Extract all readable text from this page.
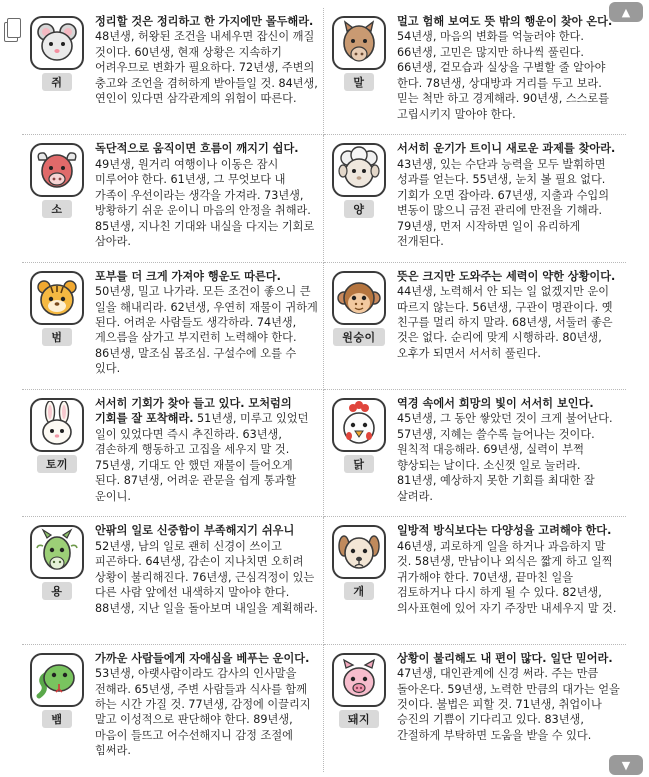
▲
▼
쥐
정리할 것은 정리하고 한 가지에만 몰두해라. 48년생, 허왕된 조건을 내세우면 잡신이 깨질 것이다. 60년생, 현재 상황은 지속하기 어려우므로 변화가 필요하다. 72년생, 주변의 충고와 조언을 겸허하게 받아들일 것. 84년생, 연인이 있다면 삼각관계의 위험이 따른다.
말
멀고 험해 보여도 뜻 밖의 행운이 찾아 온다. 54년생, 마음의 변화를 억눌러야 한다. 66년생, 고민은 많지만 하나씩 풀린다. 66년생, 겉모습과 실상을 구별할 줄 알아야 한다. 78년생, 상대방과 거리를 두고 보라. 믿는 척만 하고 경계해라. 90년생, 스스로를 고립시키지 말아야 한다.
소
독단적으로 움직이면 흐름이 깨지기 쉽다. 49년생, 원거리 여행이나 이동은 잠시 미루어야 한다. 61년생, 그 무엇보다 내 가족이 우선이라는 생각을 가져라. 73년생, 방황하기 쉬운 운이니 마음의 안정을 취해라. 85년생, 지나친 기대와 내실을 다지는 기회로 삼아라.
양
서서히 운기가 트이니 새로운 과제를 찾아라. 43년생, 있는 수단과 능력을 모두 발휘하면 성과를 얻는다. 55년생, 눈치 볼 필요 없다. 기회가 오면 잡아라. 67년생, 지출과 수입의 변동이 많으니 금전 관리에 만전을 기해라. 79년생, 먼저 시작하면 일이 유리하게 전개된다.
범
포부를 더 크게 가져야 행운도 따른다. 50년생, 밀고 나가라. 모든 조건이 좋으니 큰 일을 해내리라. 62년생, 우연히 재물이 귀하게 된다. 어려운 사람들도 생각하라. 74년생, 게으름을 삼가고 부지런히 노력해야 한다. 86년생, 말조심 몸조심. 구설수에 오를 수 있다.
원숭이
뜻은 크지만 도와주는 세력이 약한 상황이다. 44년생, 노력해서 안 되는 일 없겠지만 운이 따르지 않는다. 56년생, 구관이 명관이다. 옛 친구를 멀리 하지 말라. 68년생, 서둘러 좋은 것은 없다. 순리에 맞게 시행하라. 80년생, 오후가 되면서 서서히 풀린다.
토끼
서서히 기회가 찾아 들고 있다. 모처럼의 기회를 잘 포착해라. 51년생, 미루고 있었던 일이 있었다면 즉시 추진하라. 63년생, 겸손하게 행동하고 고집을 세우지 말 것. 75년생, 기대도 안 했던 재물이 들어오게 된다. 87년생, 어려운 관문을 쉽게 통과할 운이니.
닭
역경 속에서 희망의 빛이 서서히 보인다. 45년생, 그 동안 쌓았던 것이 크게 불어난다. 57년생, 지혜는 쓸수록 늘어나는 것이다. 원칙적 대응해라. 69년생, 실력이 부쩍 향상되는 날이다. 소신껏 일로 눌러라. 81년생, 예상하지 못한 기회를 최대한 잘 살려라.
용
안팎의 일로 신중함이 부족해지기 쉬우니 52년생, 남의 일로 괜히 신경이 쓰이고 피곤하다. 64년생, 감손이 지나치면 오히려 상황이 불리해진다. 76년생, 근심걱정이 있는 다른 사람 앞에선 내색하지 말아야 한다. 88년생, 지난 일을 돌아보며 내일을 계획해라.
개
일방적 방식보다는 다양성을 고려해야 한다. 46년생, 괴로하게 일을 하거나 과음하지 말 것. 58년생, 만남이나 외식은 짧게 하고 일찍 귀가해야 한다. 70년생, 끝마친 일을 검토하거나 다시 하게 될 수 있다. 82년생, 의사표현에 있어 자기 주장만 내세우지 말 것.
뱀
가까운 사람들에게 자애심을 베푸는 운이다. 53년생, 아랫사람이라도 감사의 인사말을 전해라. 65년생, 주변 사람들과 식사를 함께 하는 시간 가질 것. 77년생, 감정에 이끌리지 말고 이성적으로 판단해야 한다. 89년생, 마음이 들뜨고 어수선해지니 감정 조절에 힘써라.
돼지
상황이 불리해도 내 편이 많다. 일단 믿어라. 47년생, 대인관계에 신경 써라. 주는 만큼 돌아온다. 59년생, 노력한 만큼의 대가는 얻을 것이다. 불법은 피할 것. 71년생, 취업이나 승진의 기쁨이 기다리고 있다. 83년생, 간절하게 부탁하면 도움을 받을 수 있다.
